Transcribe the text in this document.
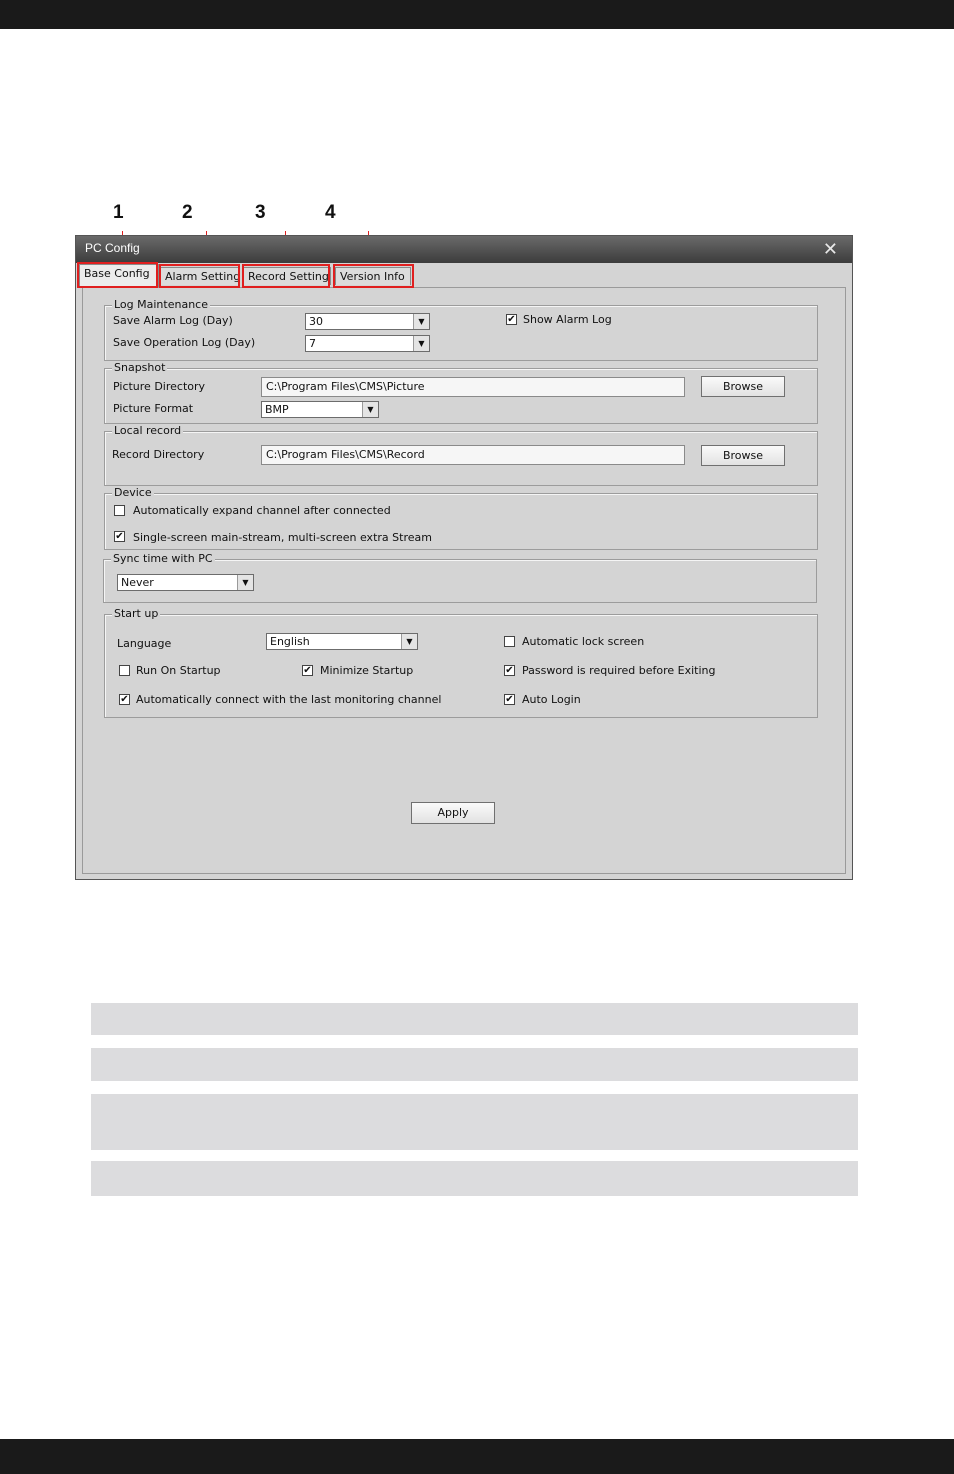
1	2	3	4
PC Config	✕
Base Config	Alarm Setting Record Setting	Version Info
Log Maintenance
Save Alarm Log (Day)	30	▼
Save Operation Log (Day)	7	▼
✔ Show Alarm Log
Snapshot
Picture Directory	C:\Program Files\CMS\Picture	Browse
Picture Format	BMP	▼
Local record
Record Directory	C:\Program Files\CMS\Record	Browse
Device
Automatically expand channel after connected
✔ Single-screen main-stream, multi-screen extra Stream
Sync time with PC
Never	▼
Start up
Language	English	▼	Automatic lock screen
Run On Startup	✔ Minimize Startup	✔ Password is required before Exiting
✔ Automatically connect with the last monitoring channel	✔ Auto Login
Apply
